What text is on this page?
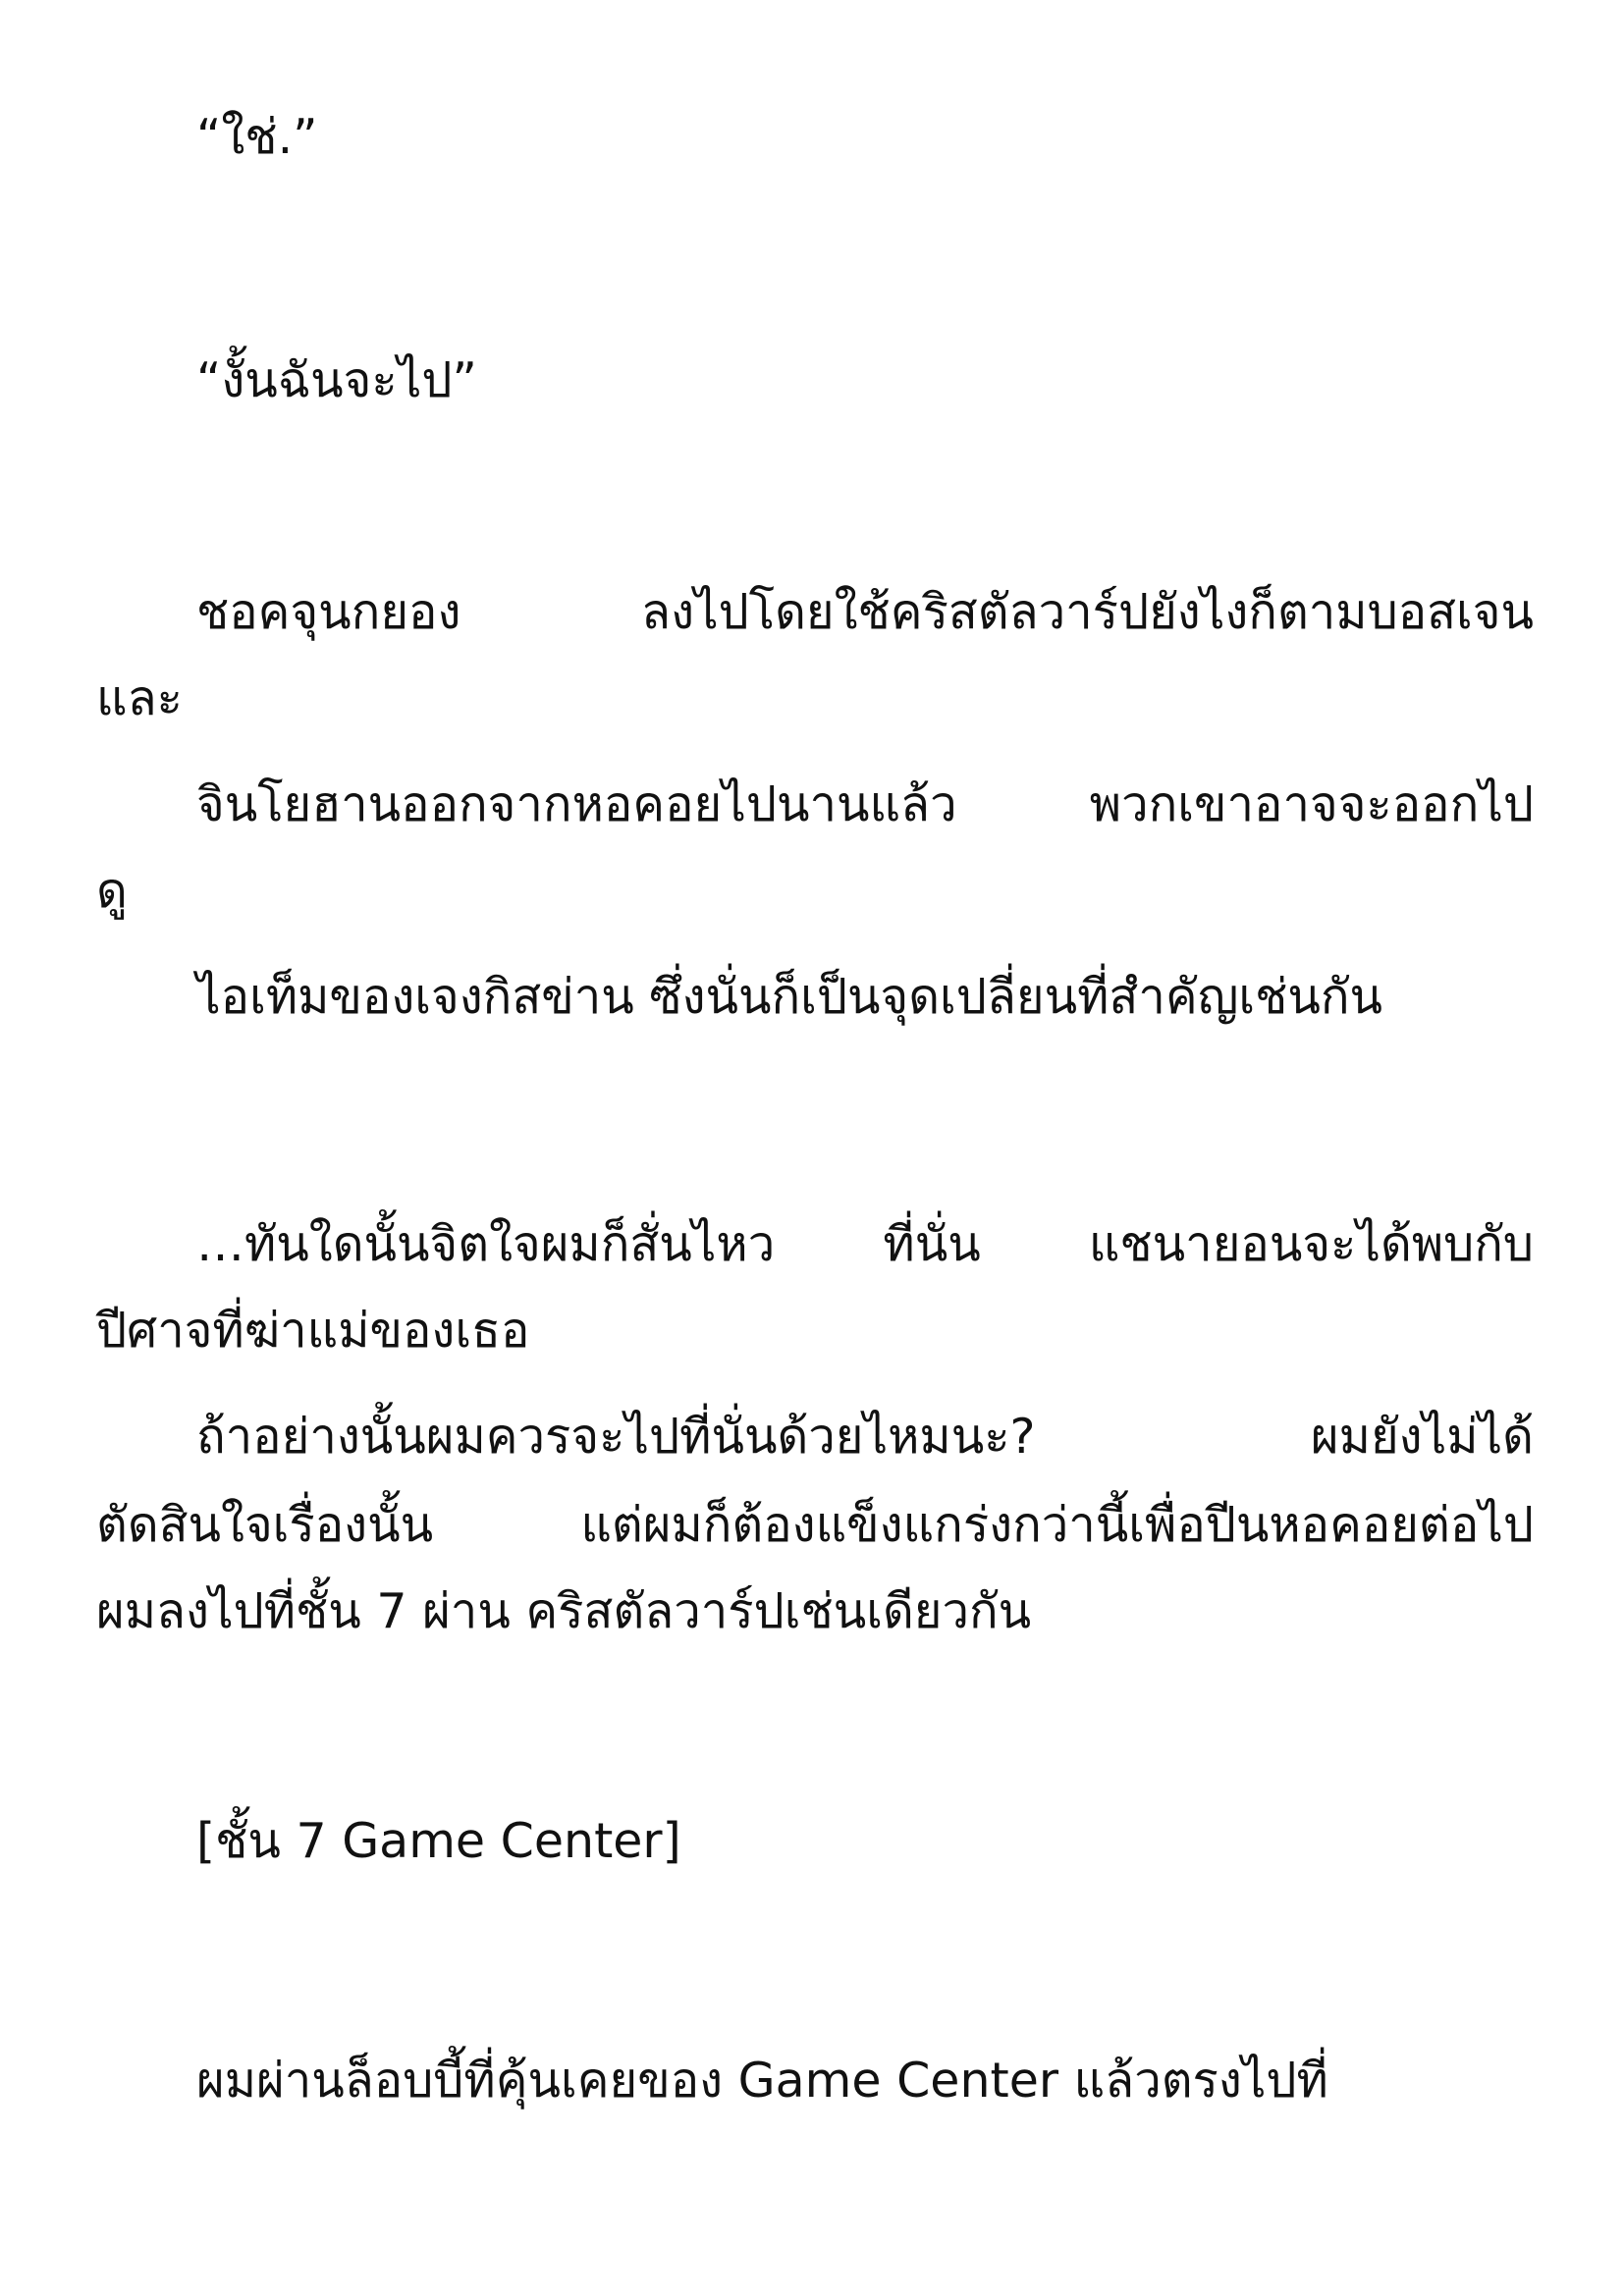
“ใช่.”

“งั้นฉันจะไป”

ชอคจุนกยอง ลงไปโดยใช้คริสตัลวาร์ปยังไงก็ตามบอสเจน

และ

จินโยฮานออกจากหอคอยไปนานแล้ว พวกเขาอาจจะออกไป

ดู

ไอเท็มของเจงกิสข่าน ซึ่งนั่นก็เป็นจุดเปลี่ยนที่สำคัญเช่นกัน

…ทันใดนั้นจิตใจผมก็สั่นไหว ที่นั่น แชนายอนจะได้พบกับ

ปีศาจที่ฆ่าแม่ของเธอ

ถ้าอย่างนั้นผมควรจะไปที่นั่นด้วยไหมนะ? ผมยังไม่ได้

ตัดสินใจเรื่องนั้น แต่ผมก็ต้องแข็งแกร่งกว่านี้เพื่อปีนหอคอยต่อไป

ผมลงไปที่ชั้น 7 ผ่าน คริสตัลวาร์ปเช่นเดียวกัน

[ชั้น 7 Game Center]

ผมผ่านล็อบบี้ที่คุ้นเคยของ Game Center แล้วตรงไปที่
